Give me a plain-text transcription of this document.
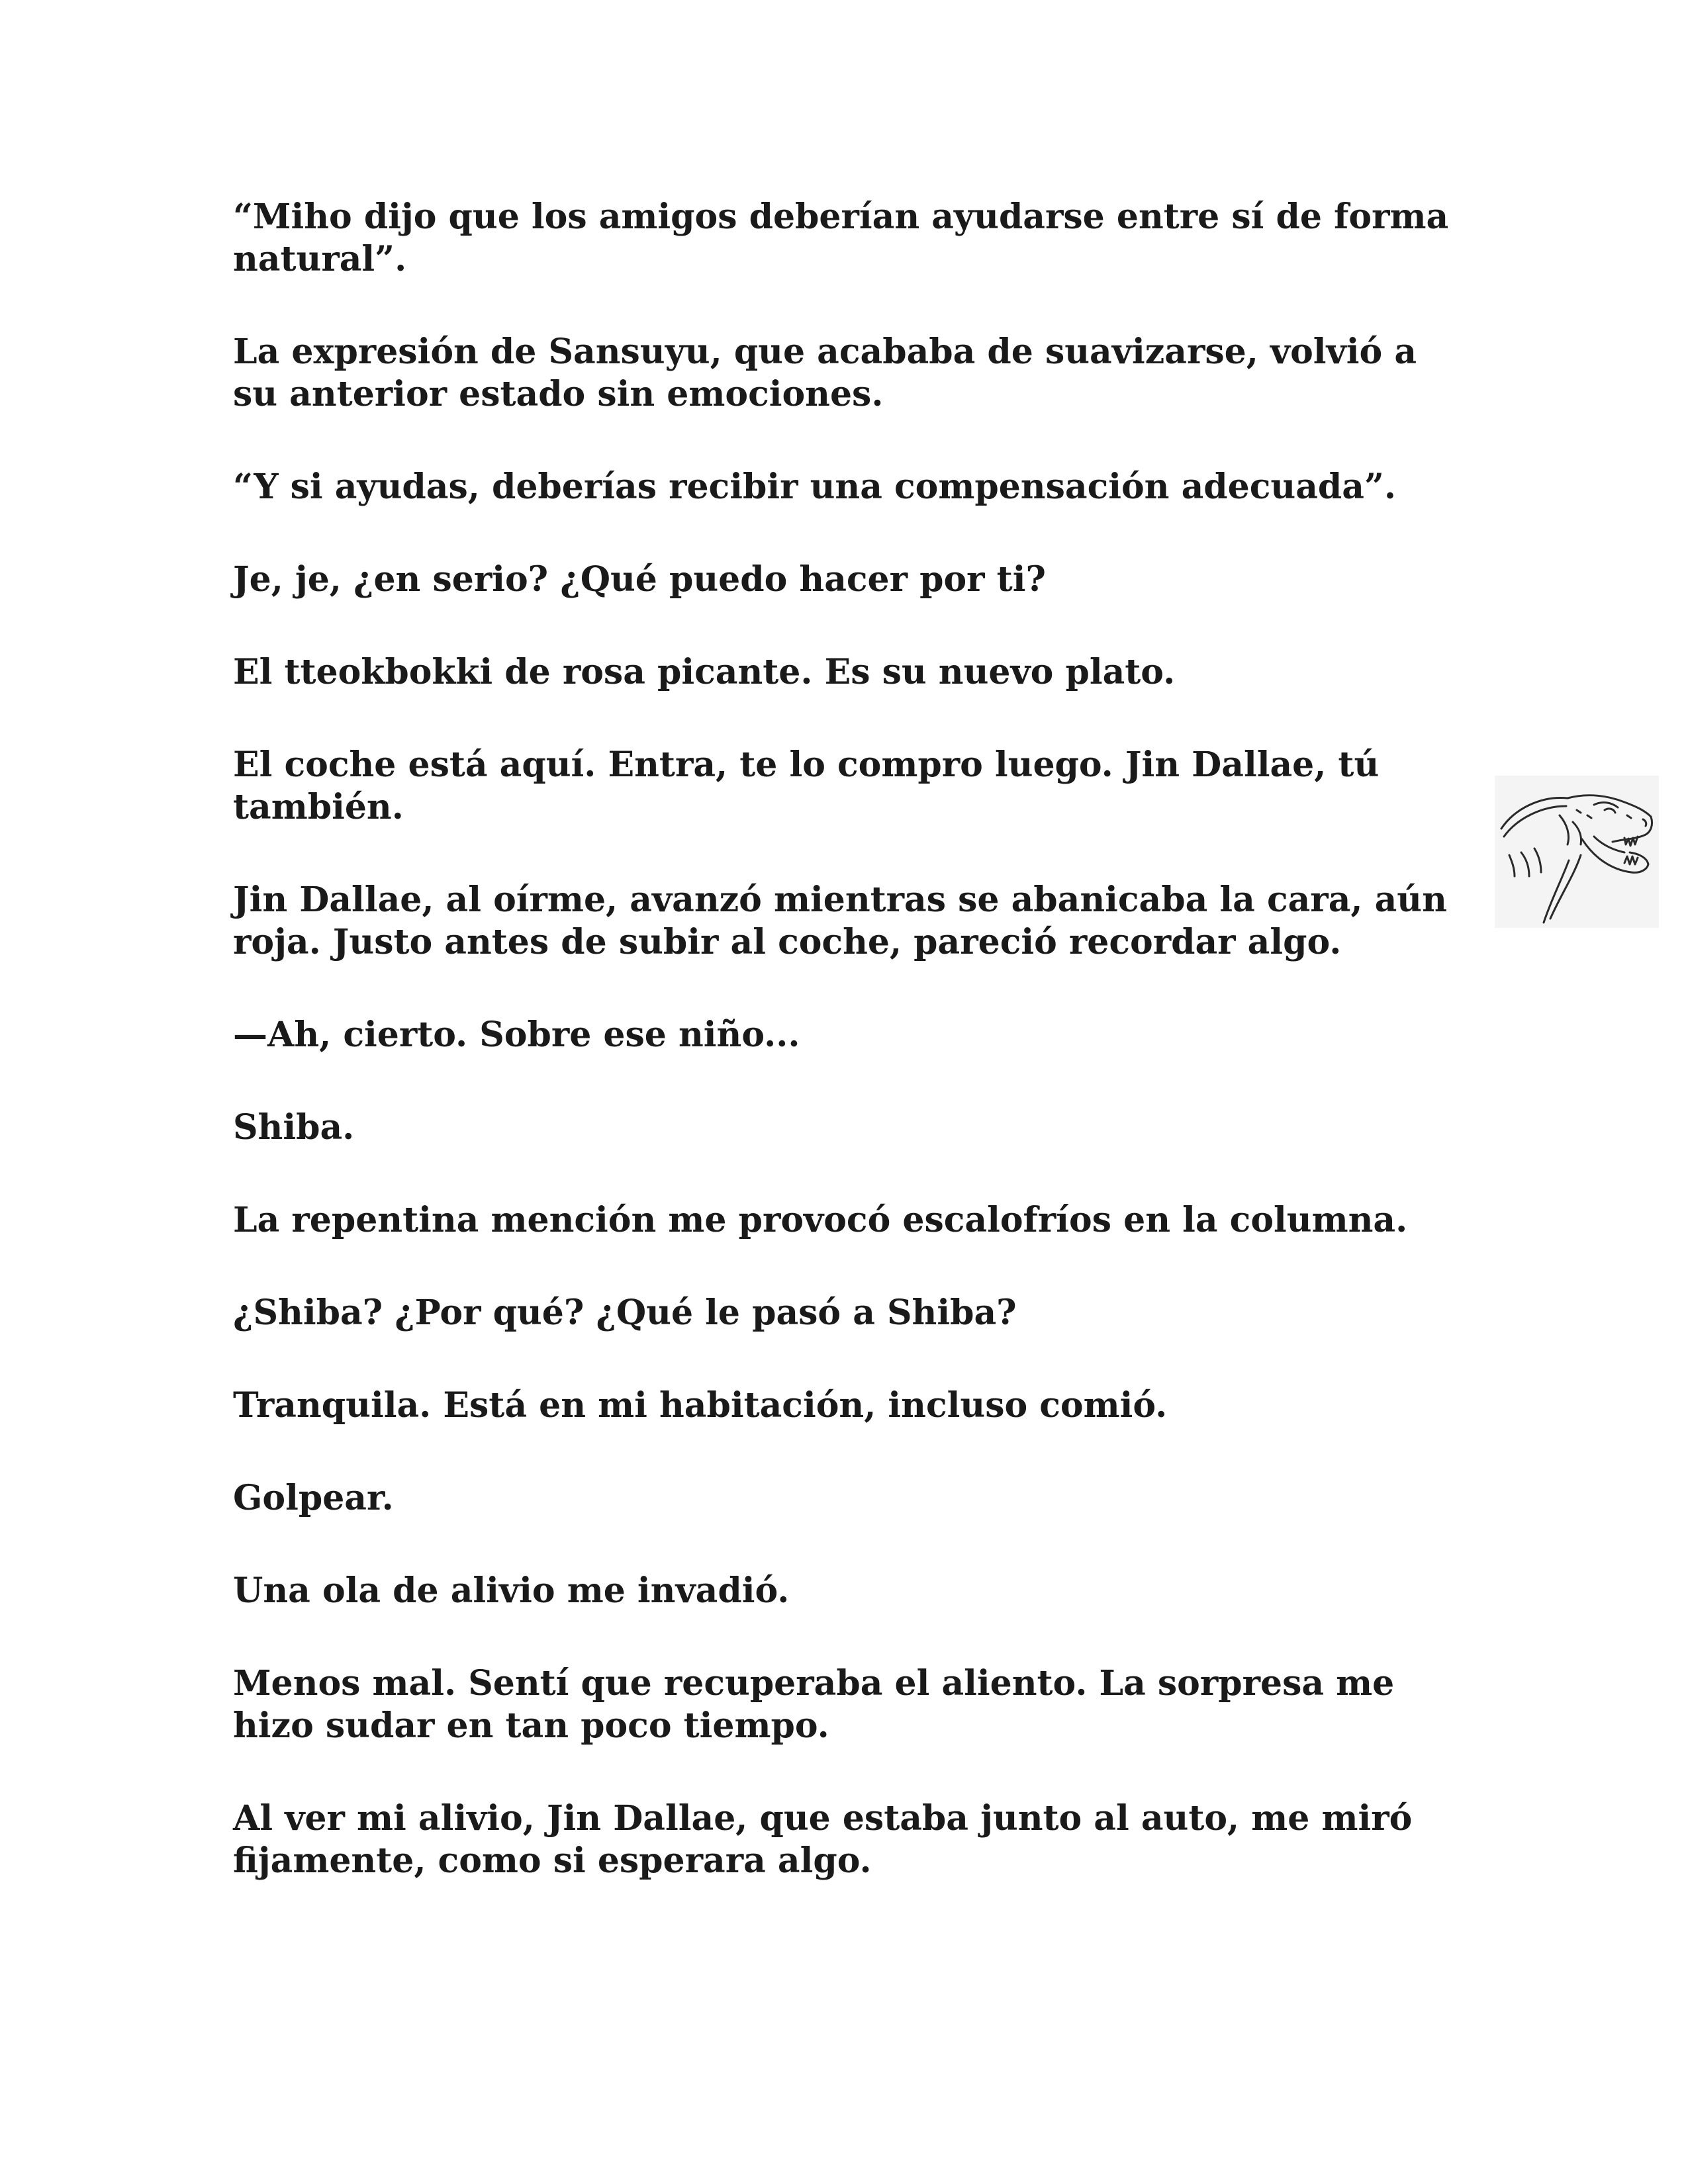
“Miho dijo que los amigos deberían ayudarse entre sí de forma natural”.

La expresión de Sansuyu, que acababa de suavizarse, volvió a su anterior estado sin emociones.

“Y si ayudas, deberías recibir una compensación adecuada”.

Je, je, ¿en serio? ¿Qué puedo hacer por ti?

El tteokbokki de rosa picante. Es su nuevo plato.

El coche está aquí. Entra, te lo compro luego. Jin Dallae, tú también.

Jin Dallae, al oírme, avanzó mientras se abanicaba la cara, aún roja. Justo antes de subir al coche, pareció recordar algo.

—Ah, cierto. Sobre ese niño...

Shiba.

La repentina mención me provocó escalofríos en la columna.

¿Shiba? ¿Por qué? ¿Qué le pasó a Shiba?

Tranquila. Está en mi habitación, incluso comió.

Golpear.

Una ola de alivio me invadió.

Menos mal. Sentí que recuperaba el aliento. La sorpresa me hizo sudar en tan poco tiempo.

Al ver mi alivio, Jin Dallae, que estaba junto al auto, me miró fijamente, como si esperara algo.
